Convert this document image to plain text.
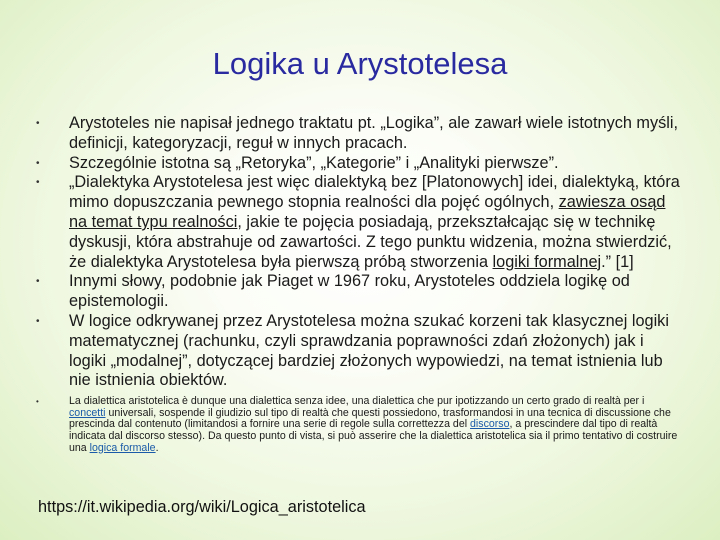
Logika u Arystotelesa
• Arystoteles nie napisał jednego traktatu pt. „Logika”, ale zawarł wiele istotnych myśli, definicji, kategoryzacji, reguł w innych pracach.
• Szczególnie istotna są „Retoryka”, „Kategorie” i „Analityki pierwsze”.
• „Dialektyka Arystotelesa jest więc dialektyką bez [Platonowych] idei, dialektyką, która mimo dopuszczania pewnego stopnia realności dla pojęć ogólnych, zawiesza osąd na temat typu realności, jakie te pojęcia posiadają, przekształcając się w technikę dyskusji, która abstrahuje od zawartości. Z tego punktu widzenia, można stwierdzić, że dialektyka Arystotelesa była pierwszą próbą stworzenia logiki formalnej.” [1]
• Innymi słowy, podobnie jak Piaget w 1967 roku, Arystoteles oddziela logikę od epistemologii.
• W logice odkrywanej przez Arystotelesa można szukać korzeni tak klasycznej logiki matematycznej (rachunku, czyli sprawdzania poprawności zdań złożonych) jak i logiki „modalnej”, dotyczącej bardziej złożonych wypowiedzi, na temat istnienia lub nie istnienia obiektów.
•	La dialettica aristotelica è dunque una dialettica senza idee, una dialettica che pur ipotizzando un certo grado di realtà per i concetti universali, sospende il giudizio sul tipo di realtà che questi possiedono, trasformandosi in una tecnica di discussione che prescinda dal contenuto (limitandosi a fornire una serie di regole sulla correttezza del discorso, a prescindere dal tipo di realtà indicata dal discorso stesso). Da questo punto di vista, si può asserire che la dialettica aristotelica sia il primo tentativo di costruire una logica formale.
https://it.wikipedia.org/wiki/Logica_aristotelica
